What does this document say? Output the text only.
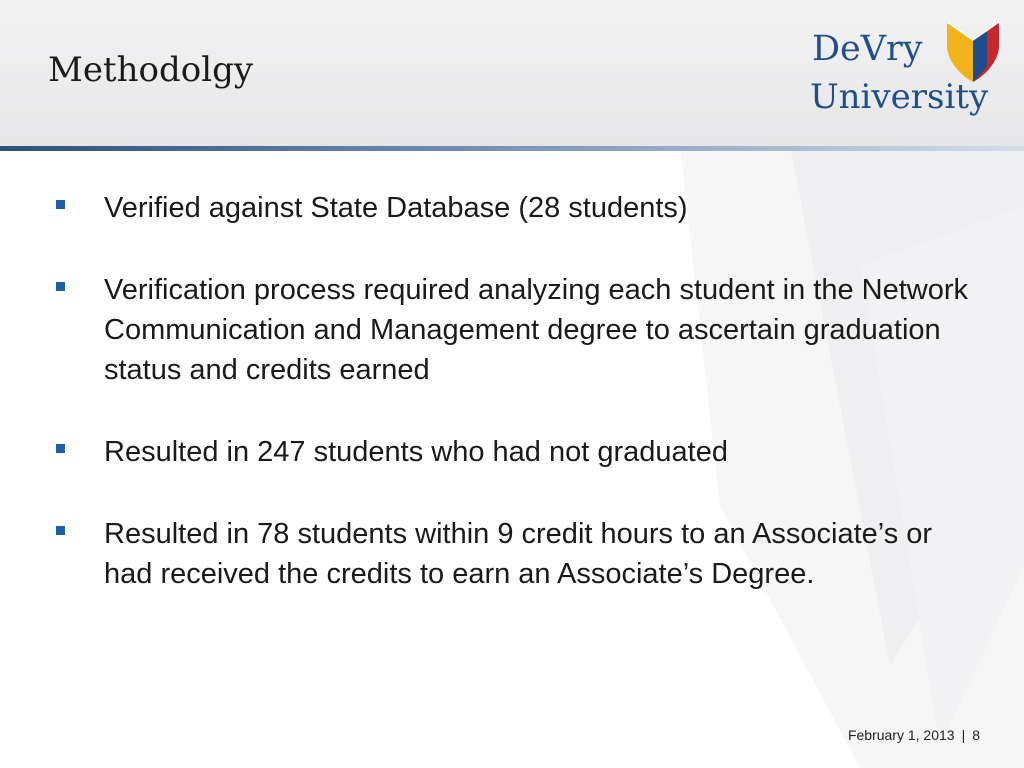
Methodolgy
DeVry
University
Verified against State Database (28 students)
Verification process required analyzing each student in the Network Communication and Management degree to ascertain graduation status and credits earned
Resulted in 247 students who had not graduated
Resulted in 78 students within 9 credit hours to an Associate’s or had received the credits to earn an Associate’s Degree.
February 1, 2013 | 8
